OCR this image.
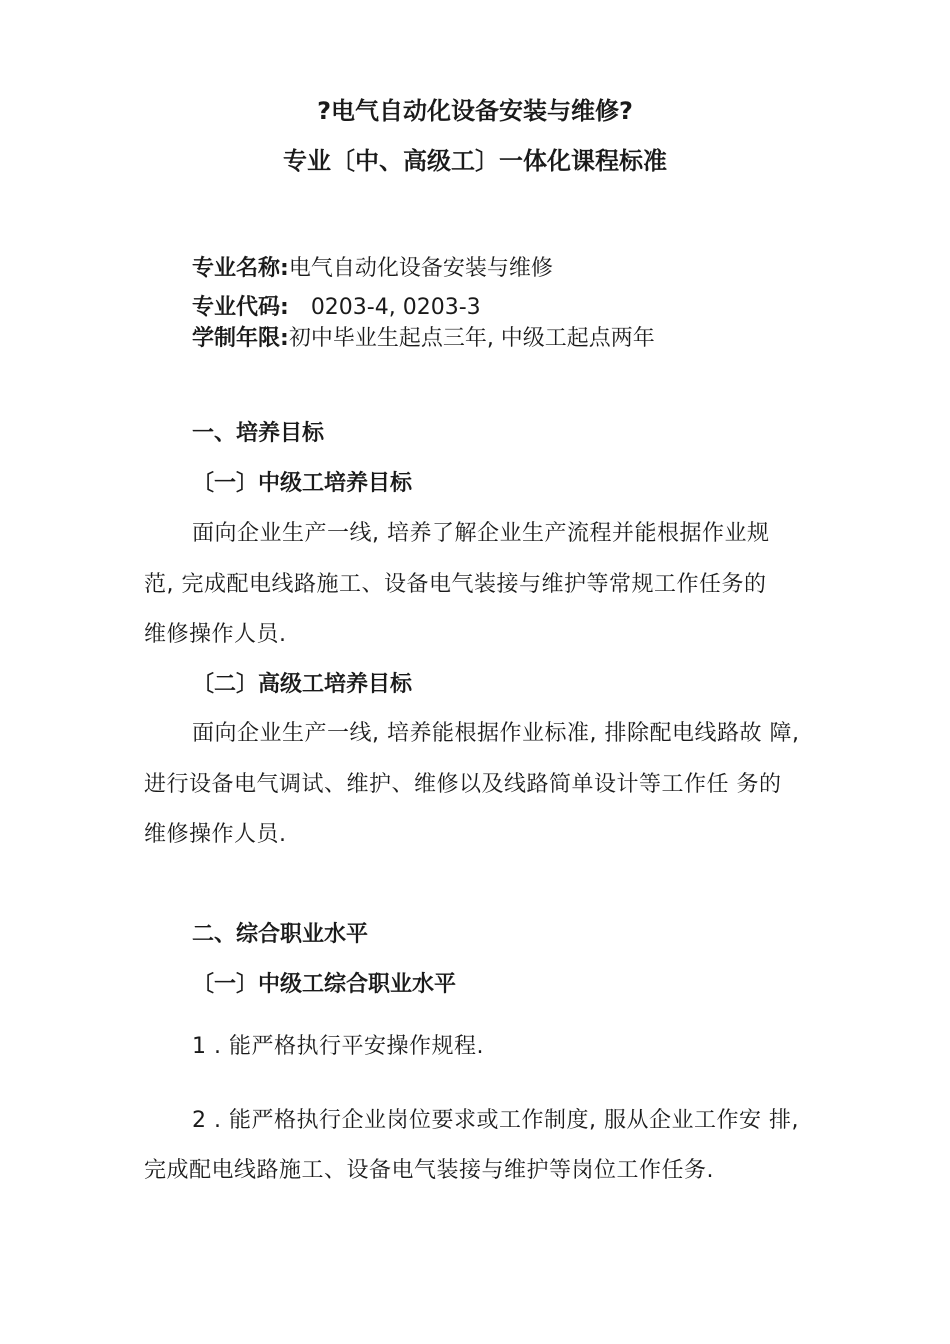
?电气自动化设备安装与维修?
专业〔中、高级工〕一体化课程标准
专业名称:电气自动化设备安装与维修
专业代码: 0203-4, 0203-3
学制年限:初中毕业生起点三年, 中级工起点两年
一、培养目标
〔一〕中级工培养目标
面向企业生产一线, 培养了解企业生产流程并能根据作业规
范, 完成配电线路施工、设备电气装接与维护等常规工作任务的
维修操作人员.
〔二〕高级工培养目标
面向企业生产一线, 培养能根据作业标准, 排除配电线路故 障,
进行设备电气调试、维护、维修以及线路简单设计等工作任 务的
维修操作人员.
二、综合职业水平
〔一〕中级工综合职业水平
1 . 能严格执行平安操作规程.
2 . 能严格执行企业岗位要求或工作制度, 服从企业工作安 排,
完成配电线路施工、设备电气装接与维护等岗位工作任务.
